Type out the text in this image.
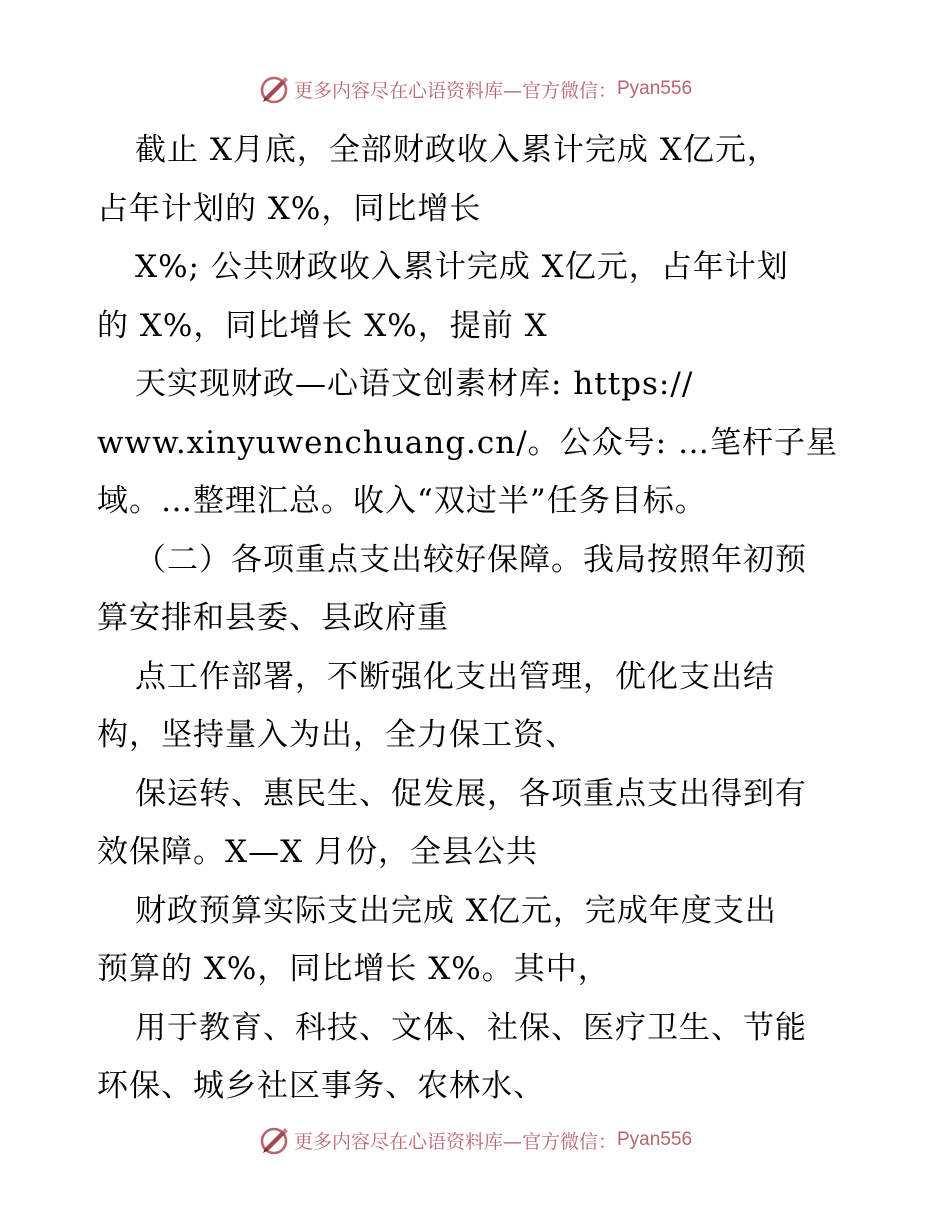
更多内容尽在心语资料库—官方微信： Pyan556
截止 X月底，全部财政收入累计完成 X亿元，
占年计划的 X%，同比增长
X%; 公共财政收入累计完成 X亿元，占年计划
的 X%，同比增长 X%，提前 X
天实现财政—心语文创素材库: https://
www.xinyuwenchuang.cn/。公众号: …笔杆子星
域。…整理汇总。收入“双过半”任务目标。
（二）各项重点支出较好保障。我局按照年初预
算安排和县委、县政府重
点工作部署，不断强化支出管理，优化支出结
构，坚持量入为出，全力保工资、
保运转、惠民生、促发展，各项重点支出得到有
效保障。X—X 月份，全县公共
财政预算实际支出完成 X亿元，完成年度支出
预算的 X%，同比增长 X%。其中，
用于教育、科技、文体、社保、医疗卫生、节能
环保、城乡社区事务、农林水、
更多内容尽在心语资料库—官方微信： Pyan556
